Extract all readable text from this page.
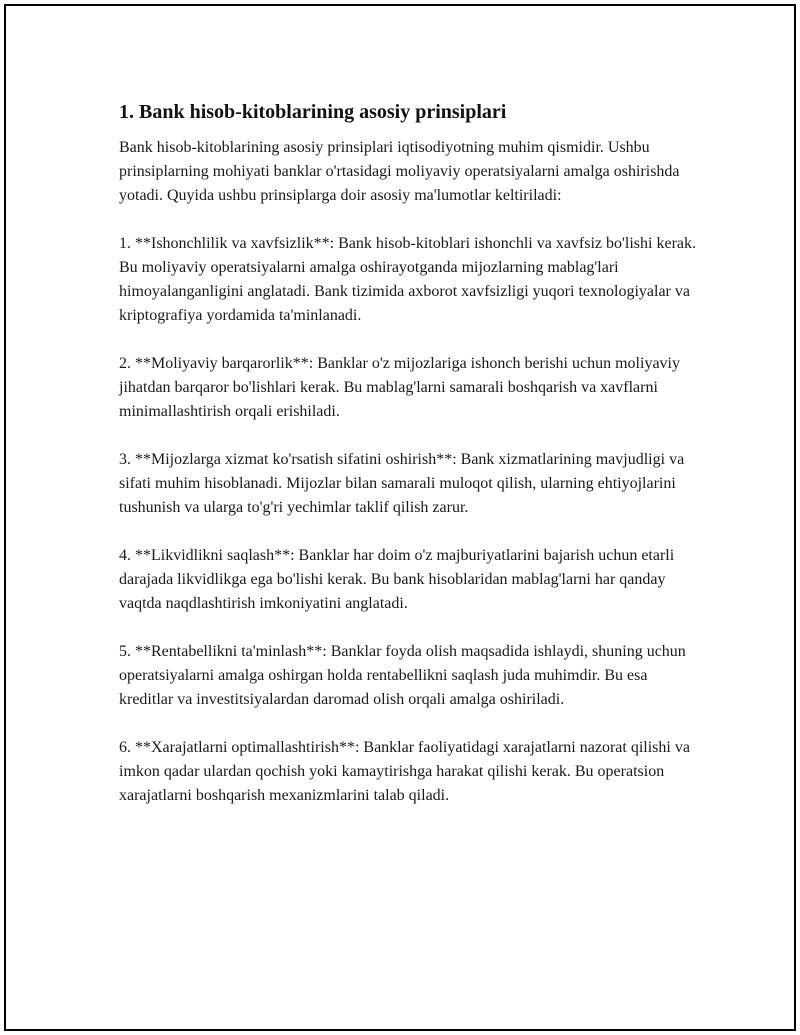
1. Bank hisob-kitoblarining asosiy prinsiplari

Bank hisob-kitoblarining asosiy prinsiplari iqtisodiyotning muhim qismidir. Ushbu prinsiplarning mohiyati banklar o'rtasidagi moliyaviy operatsiyalarni amalga oshirishda yotadi. Quyida ushbu prinsiplarga doir asosiy ma'lumotlar keltiriladi:

1. **Ishonchlilik va xavfsizlik**: Bank hisob-kitoblari ishonchli va xavfsiz bo'lishi kerak. Bu moliyaviy operatsiyalarni amalga oshirayotganda mijozlarning mablag'lari himoyalanganligini anglatadi. Bank tizimida axborot xavfsizligi yuqori texnologiyalar va kriptografiya yordamida ta'minlanadi.

2. **Moliyaviy barqarorlik**: Banklar o'z mijozlariga ishonch berishi uchun moliyaviy jihatdan barqaror bo'lishlari kerak. Bu mablag'larni samarali boshqarish va xavflarni minimallashtirish orqali erishiladi.

3. **Mijozlarga xizmat ko'rsatish sifatini oshirish**: Bank xizmatlarining mavjudligi va sifati muhim hisoblanadi. Mijozlar bilan samarali muloqot qilish, ularning ehtiyojlarini tushunish va ularga to'g'ri yechimlar taklif qilish zarur.

4. **Likvidlikni saqlash**: Banklar har doim o'z majburiyatlarini bajarish uchun etarli darajada likvidlikga ega bo'lishi kerak. Bu bank hisoblaridan mablag'larni har qanday vaqtda naqdlashtirish imkoniyatini anglatadi.

5. **Rentabellikni ta'minlash**: Banklar foyda olish maqsadida ishlaydi, shuning uchun operatsiyalarni amalga oshirgan holda rentabellikni saqlash juda muhimdir. Bu esa kreditlar va investitsiyalardan daromad olish orqali amalga oshiriladi.

6. **Xarajatlarni optimallashtirish**: Banklar faoliyatidagi xarajatlarni nazorat qilishi va imkon qadar ulardan qochish yoki kamaytirishga harakat qilishi kerak. Bu operatsion xarajatlarni boshqarish mexanizmlarini talab qiladi.
